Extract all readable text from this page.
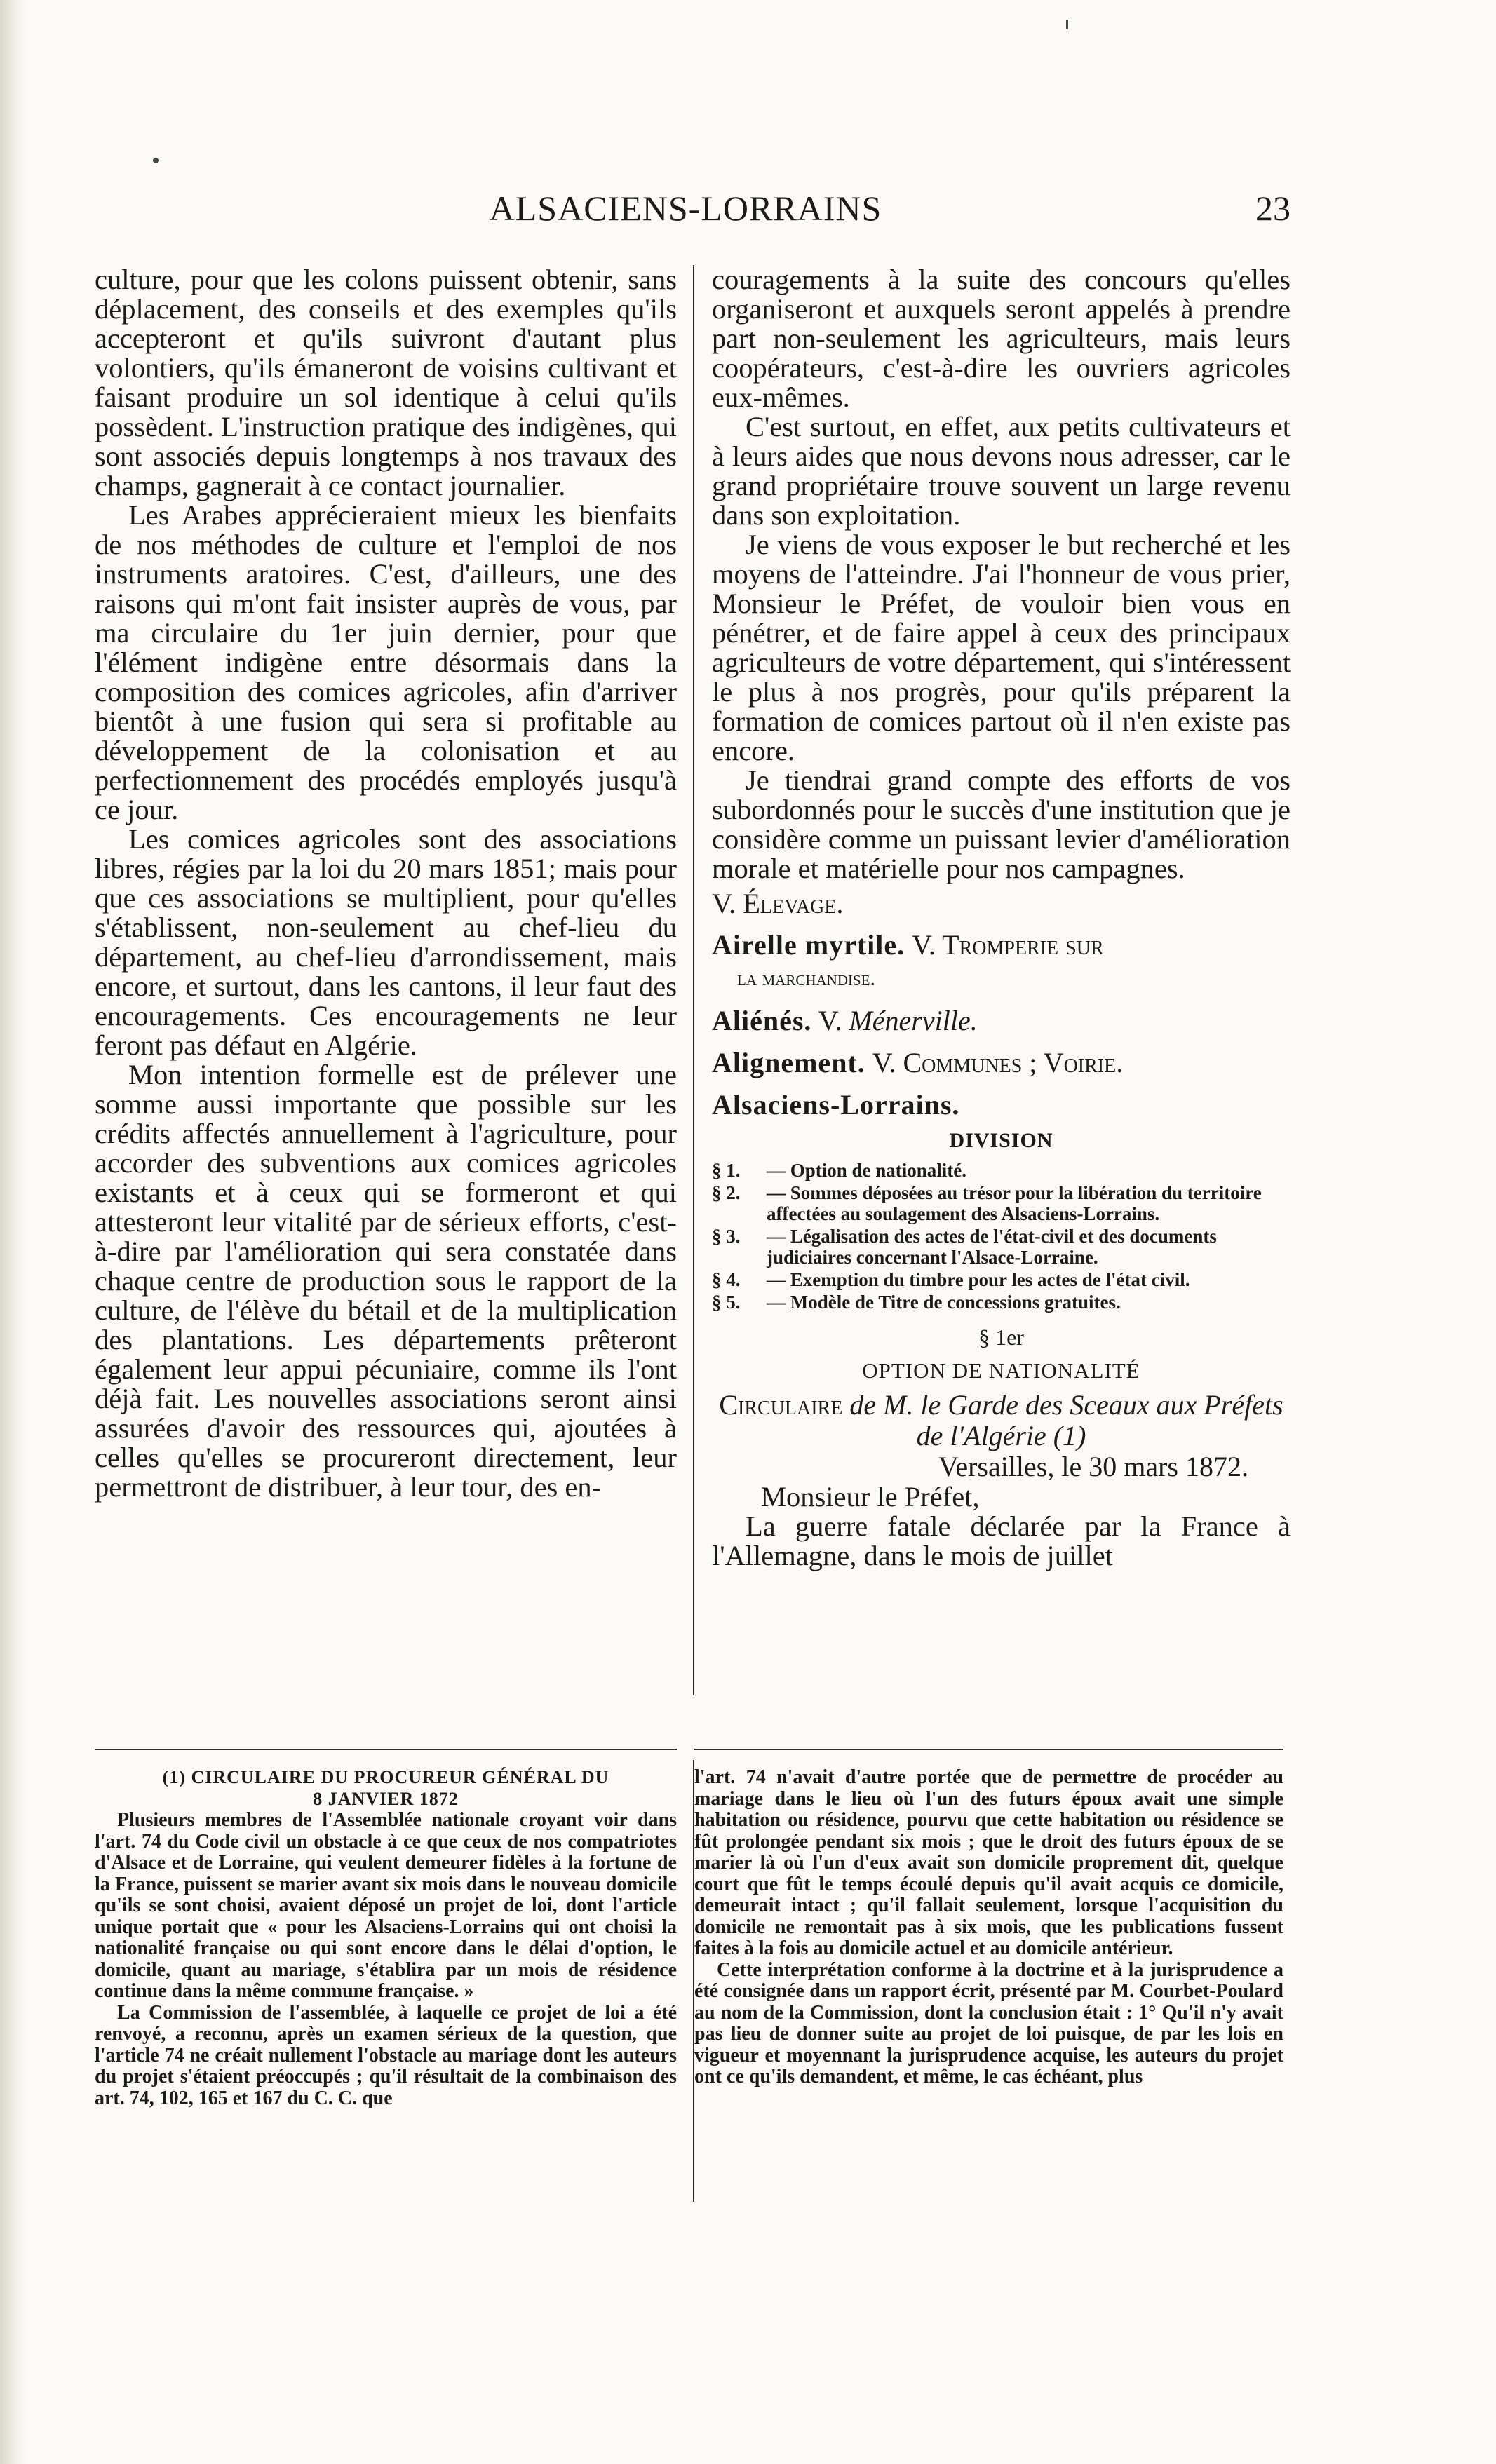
ALSACIENS-LORRAINS	23

culture, pour que les colons puissent obtenir, sans déplacement, des conseils et des exemples qu'ils accepteront et qu'ils suivront d'autant plus volontiers, qu'ils émaneront de voisins cultivant et faisant produire un sol identique à celui qu'ils possèdent. L'instruction pratique des indigènes, qui sont associés depuis longtemps à nos travaux des champs, gagnerait à ce contact journalier.

Les Arabes apprécieraient mieux les bienfaits de nos méthodes de culture et l'emploi de nos instruments aratoires. C'est, d'ailleurs, une des raisons qui m'ont fait insister auprès de vous, par ma circulaire du 1er juin dernier, pour que l'élément indigène entre désormais dans la composition des comices agricoles, afin d'arriver bientôt à une fusion qui sera si profitable au développement de la colonisation et au perfectionnement des procédés employés jusqu'à ce jour.

Les comices agricoles sont des associations libres, régies par la loi du 20 mars 1851; mais pour que ces associations se multiplient, pour qu'elles s'établissent, non-seulement au chef-lieu du département, au chef-lieu d'arrondissement, mais encore, et surtout, dans les cantons, il leur faut des encouragements. Ces encouragements ne leur feront pas défaut en Algérie.

Mon intention formelle est de prélever une somme aussi importante que possible sur les crédits affectés annuellement à l'agriculture, pour accorder des subventions aux comices agricoles existants et à ceux qui se formeront et qui attesteront leur vitalité par de sérieux efforts, c'est-à-dire par l'amélioration qui sera constatée dans chaque centre de production sous le rapport de la culture, de l'élève du bétail et de la multiplication des plantations. Les départements prêteront également leur appui pécuniaire, comme ils l'ont déjà fait. Les nouvelles associations seront ainsi assurées d'avoir des ressources qui, ajoutées à celles qu'elles se procureront directement, leur permettront de distribuer, à leur tour, des en-

couragements à la suite des concours qu'elles organiseront et auxquels seront appelés à prendre part non-seulement les agriculteurs, mais leurs coopérateurs, c'est-à-dire les ouvriers agricoles eux-mêmes.

C'est surtout, en effet, aux petits cultivateurs et à leurs aides que nous devons nous adresser, car le grand propriétaire trouve souvent un large revenu dans son exploitation.

Je viens de vous exposer le but recherché et les moyens de l'atteindre. J'ai l'honneur de vous prier, Monsieur le Préfet, de vouloir bien vous en pénétrer, et de faire appel à ceux des principaux agriculteurs de votre département, qui s'intéressent le plus à nos progrès, pour qu'ils préparent la formation de comices partout où il n'en existe pas encore.

Je tiendrai grand compte des efforts de vos subordonnés pour le succès d'une institution que je considère comme un puissant levier d'amélioration morale et matérielle pour nos campagnes.

V. Élevage.

Airelle myrtile. V. Tromperie sur
la marchandise.
Aliénés. V. Ménerville.
Alignement. V. Communes ; Voirie.
Alsaciens-Lorrains.
DIVISION
§ 1.	— Option de nationalité.
§ 2.	— Sommes déposées au trésor pour la libération du territoire affectées au soulagement des Alsaciens-Lorrains.
§ 3.	— Légalisation des actes de l'état-civil et des documents judiciaires concernant l'Alsace-Lorraine.
§ 4.	— Exemption du timbre pour les actes de l'état civil.
§ 5.	— Modèle de Titre de concessions gratuites.
§ 1er
OPTION DE NATIONALITÉ
Circulaire de M. le Garde des Sceaux aux Préfets de l'Algérie (1)
Versailles, le 30 mars 1872.

Monsieur le Préfet,

La guerre fatale déclarée par la France à l'Allemagne, dans le mois de juillet

(1) CIRCULAIRE DU PROCUREUR GÉNÉRAL DU

8 JANVIER 1872

Plusieurs membres de l'Assemblée nationale croyant voir dans l'art. 74 du Code civil un obstacle à ce que ceux de nos compatriotes d'Alsace et de Lorraine, qui veulent demeurer fidèles à la fortune de la France, puissent se marier avant six mois dans le nouveau domicile qu'ils se sont choisi, avaient déposé un projet de loi, dont l'article unique portait que « pour les Alsaciens-Lorrains qui ont choisi la nationalité française ou qui sont encore dans le délai d'option, le domicile, quant au mariage, s'établira par un mois de résidence continue dans la même commune française. »

La Commission de l'assemblée, à laquelle ce projet de loi a été renvoyé, a reconnu, après un examen sérieux de la question, que l'article 74 ne créait nullement l'obstacle au mariage dont les auteurs du projet s'étaient préoccupés ; qu'il résultait de la combinaison des art. 74, 102, 165 et 167 du C. C. que

l'art. 74 n'avait d'autre portée que de permettre de procéder au mariage dans le lieu où l'un des futurs époux avait une simple habitation ou résidence, pourvu que cette habitation ou résidence se fût prolongée pendant six mois ; que le droit des futurs époux de se marier là où l'un d'eux avait son domicile proprement dit, quelque court que fût le temps écoulé depuis qu'il avait acquis ce domicile, demeurait intact ; qu'il fallait seulement, lorsque l'acquisition du domicile ne remontait pas à six mois, que les publications fussent faites à la fois au domicile actuel et au domicile antérieur.

Cette interprétation conforme à la doctrine et à la jurisprudence a été consignée dans un rapport écrit, présenté par M. Courbet-Poulard au nom de la Commission, dont la conclusion était : 1° Qu'il n'y avait pas lieu de donner suite au projet de loi puisque, de par les lois en vigueur et moyennant la jurisprudence acquise, les auteurs du projet ont ce qu'ils demandent, et même, le cas échéant, plus
